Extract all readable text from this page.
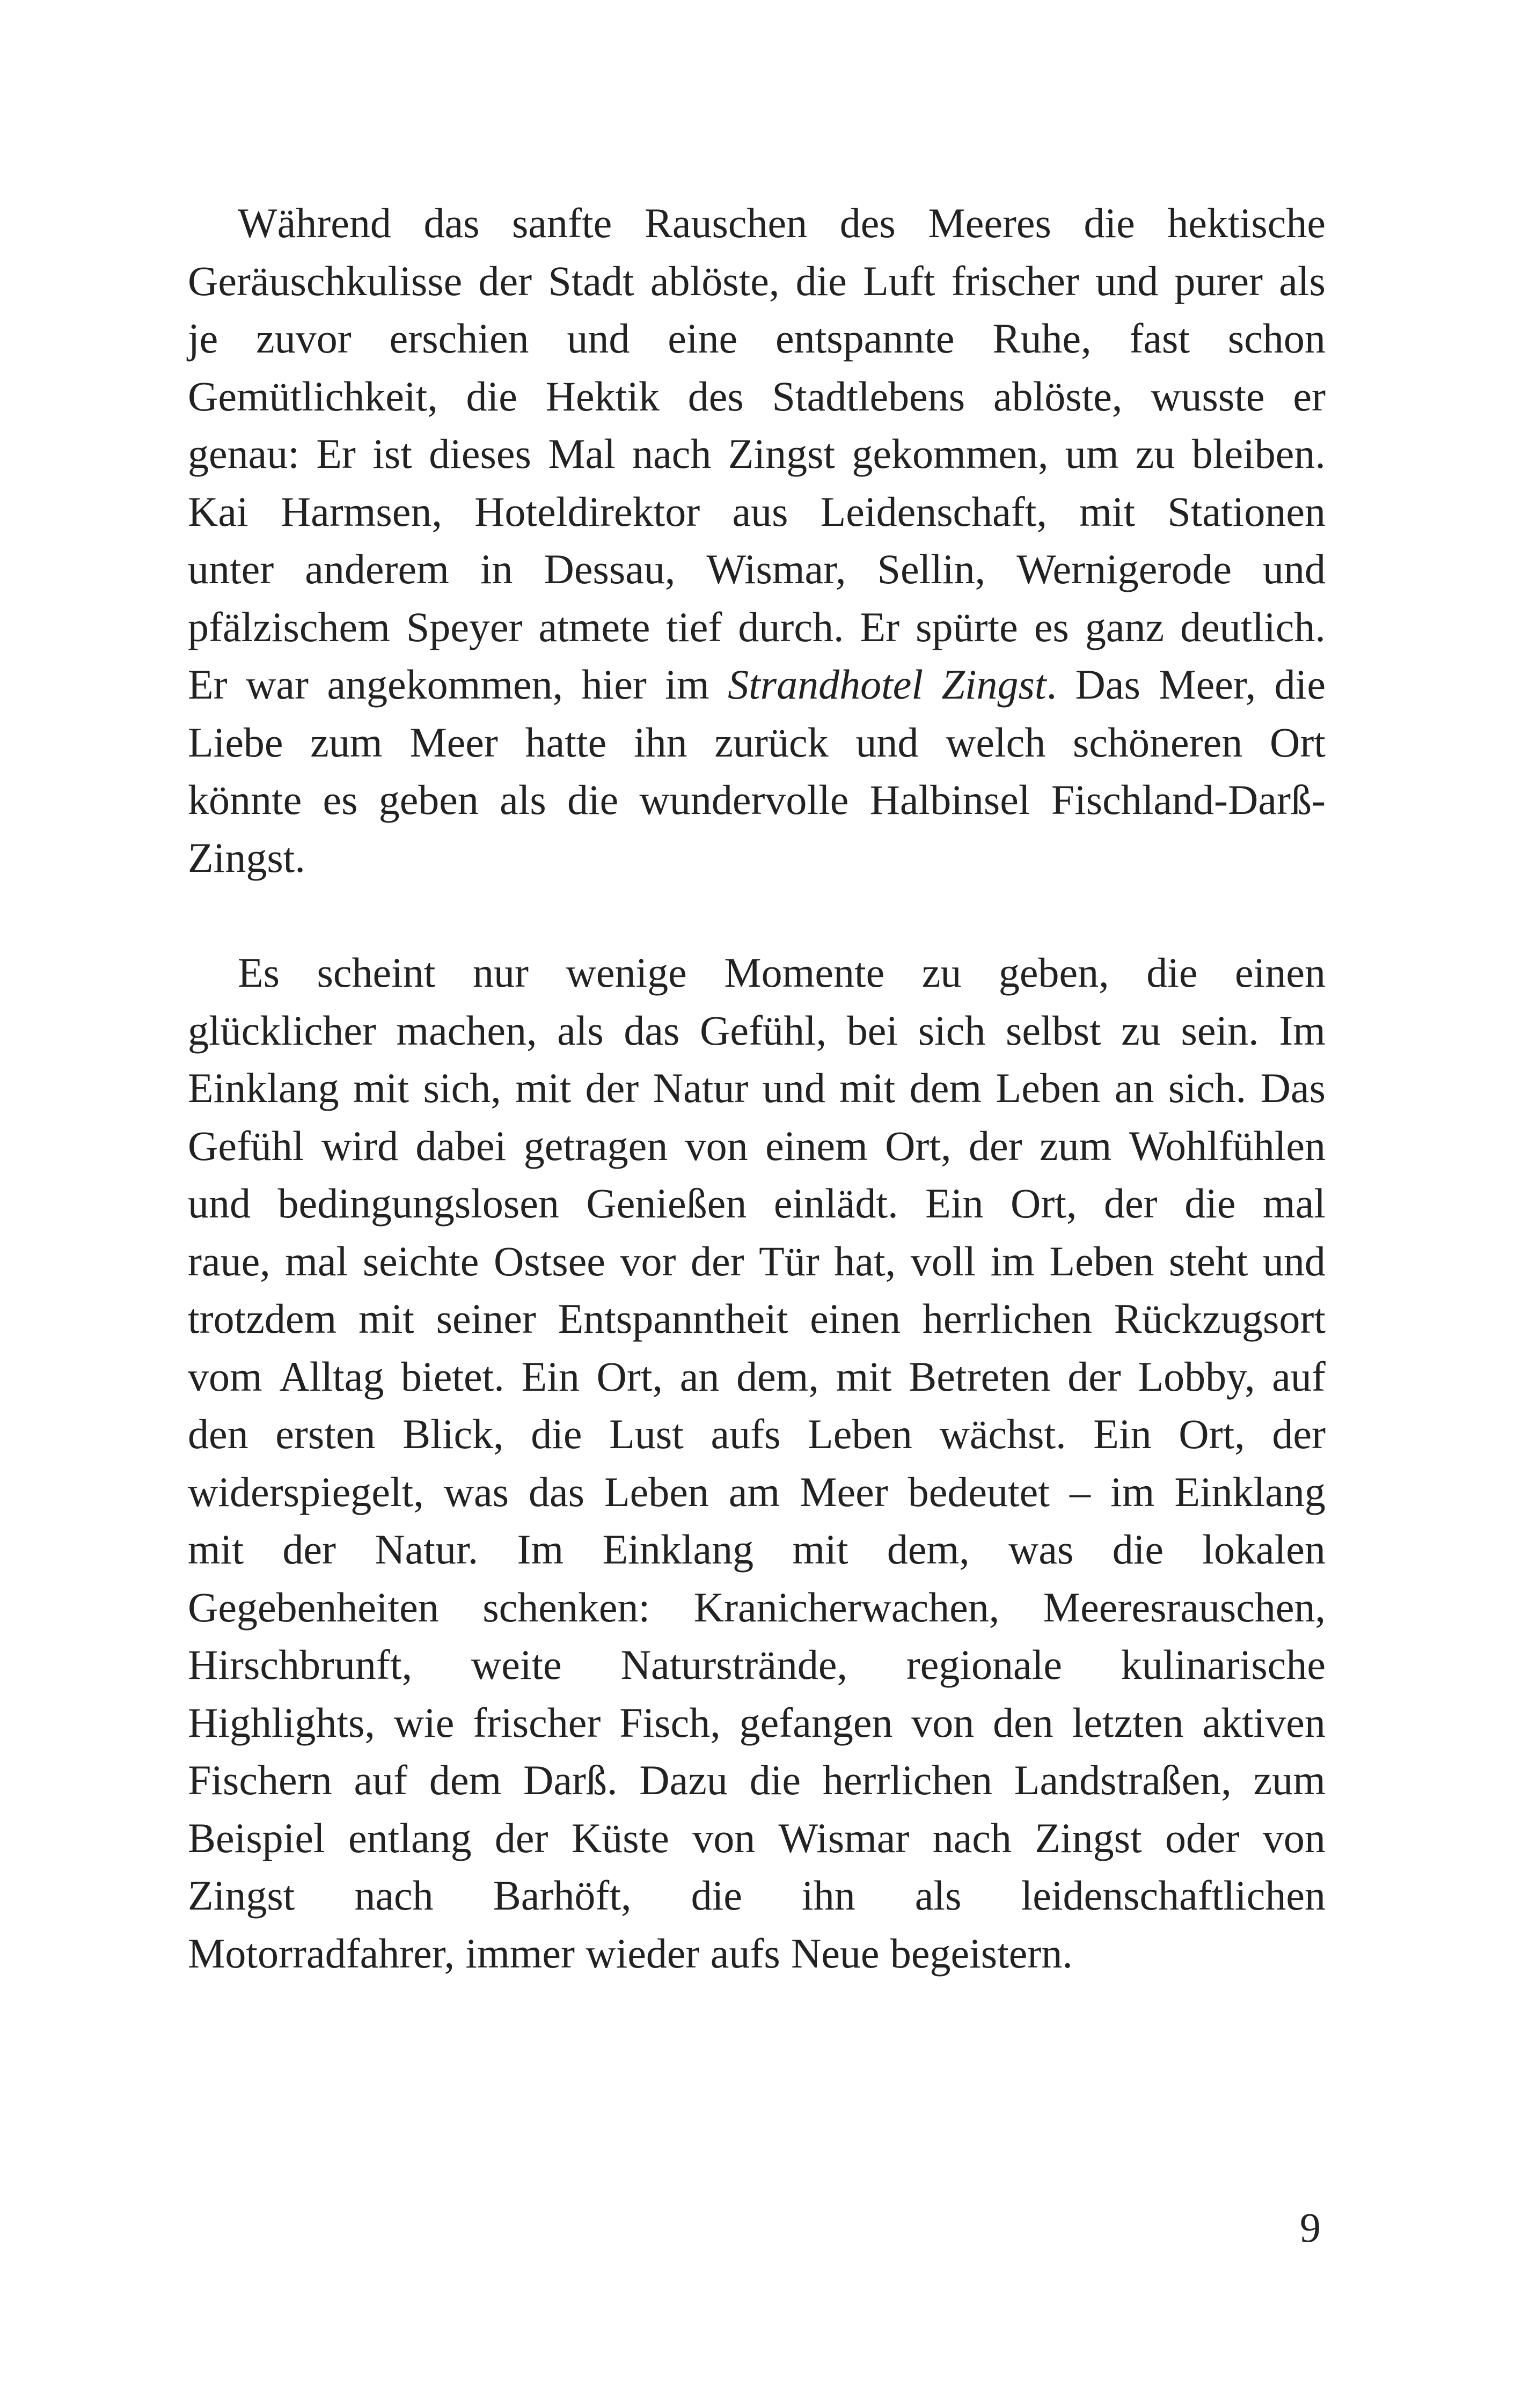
Während das sanfte Rauschen des Meeres die hektische
Geräuschkulisse der Stadt ablöste, die Luft frischer und purer als
je zuvor erschien und eine entspannte Ruhe, fast schon
Gemütlichkeit, die Hektik des Stadtlebens ablöste, wusste er
genau: Er ist dieses Mal nach Zingst gekommen, um zu bleiben.
Kai Harmsen, Hoteldirektor aus Leidenschaft, mit Stationen
unter anderem in Dessau, Wismar, Sellin, Wernigerode und
pfälzischem Speyer atmete tief durch. Er spürte es ganz deutlich.
Er war angekommen, hier im Strandhotel Zingst. Das Meer, die
Liebe zum Meer hatte ihn zurück und welch schöneren Ort
könnte es geben als die wundervolle Halbinsel Fischland-Darß-
Zingst.
Es scheint nur wenige Momente zu geben, die einen
glücklicher machen, als das Gefühl, bei sich selbst zu sein. Im
Einklang mit sich, mit der Natur und mit dem Leben an sich. Das
Gefühl wird dabei getragen von einem Ort, der zum Wohlfühlen
und bedingungslosen Genießen einlädt. Ein Ort, der die mal
raue, mal seichte Ostsee vor der Tür hat, voll im Leben steht und
trotzdem mit seiner Entspanntheit einen herrlichen Rückzugsort
vom Alltag bietet. Ein Ort, an dem, mit Betreten der Lobby, auf
den ersten Blick, die Lust aufs Leben wächst. Ein Ort, der
widerspiegelt, was das Leben am Meer bedeutet – im Einklang
mit der Natur. Im Einklang mit dem, was die lokalen
Gegebenheiten schenken: Kranicherwachen, Meeresrauschen,
Hirschbrunft, weite Naturstrände, regionale kulinarische
Highlights, wie frischer Fisch, gefangen von den letzten aktiven
Fischern auf dem Darß. Dazu die herrlichen Landstraßen, zum
Beispiel entlang der Küste von Wismar nach Zingst oder von
Zingst nach Barhöft, die ihn als leidenschaftlichen
Motorradfahrer, immer wieder aufs Neue begeistern.
9
